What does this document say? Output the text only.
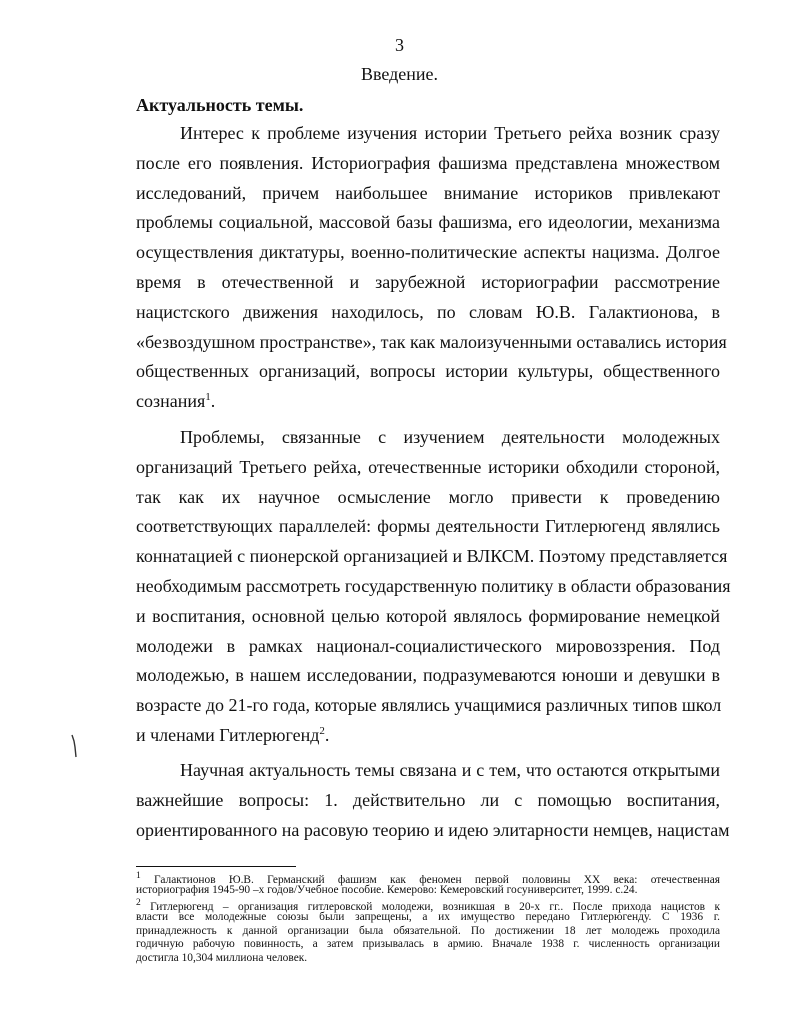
3
Введение.
Актуальность темы.
Интерес к проблеме изучения истории Третьего рейха возник сразу
после его появления. Историография фашизма представлена множеством
исследований, причем наибольшее внимание историков привлекают
проблемы социальной, массовой базы фашизма, его идеологии, механизма
осуществления диктатуры, военно-политические аспекты нацизма. Долгое
время в отечественной и зарубежной историографии рассмотрение
нацистского движения находилось, по словам Ю.В. Галактионова, в
«безвоздушном пространстве», так как малоизученными оставались история
общественных организаций, вопросы истории культуры, общественного
сознания$^1$.
Проблемы, связанные с изучением деятельности молодежных
организаций Третьего рейха, отечественные историки обходили стороной,
так как их научное осмысление могло привести к проведению
соответствующих параллелей: формы деятельности Гитлерюгенд являлись
коннатацией с пионерской организацией и ВЛКСМ. Поэтому представляется
необходимым рассмотреть государственную политику в области образования
и воспитания, основной целью которой являлось формирование немецкой
молодежи в рамках национал-социалистического мировоззрения. Под
молодежью, в нашем исследовании, подразумеваются юноши и девушки в
возрасте до 21-го года, которые являлись учащимися различных типов школ
и членами Гитлерюгенд$^2$.
Научная актуальность темы связана и с тем, что остаются открытыми
важнейшие вопросы: 1. действительно ли с помощью воспитания,
ориентированного на расовую теорию и идею элитарности немцев, нацистам
$^1$ Галактионов Ю.В. Германский фашизм как феномен первой половины XX века: отечественная
историография 1945-90 –х годов/Учебное пособие. Кемерово: Кемеровский госуниверситет, 1999. с.24.
$^2$ Гитлерюгенд – организация гитлеровской молодежи, возникшая в 20-х гг.. После прихода нацистов к
власти все молодежные союзы были запрещены, а их имущество передано Гитлерюгенду. С 1936 г.
принадлежность к данной организации была обязательной. По достижении 18 лет молодежь проходила
годичную рабочую повинность, а затем призывалась в армию. Вначале 1938 г. численность организации
достигла 10,304 миллиона человек.
